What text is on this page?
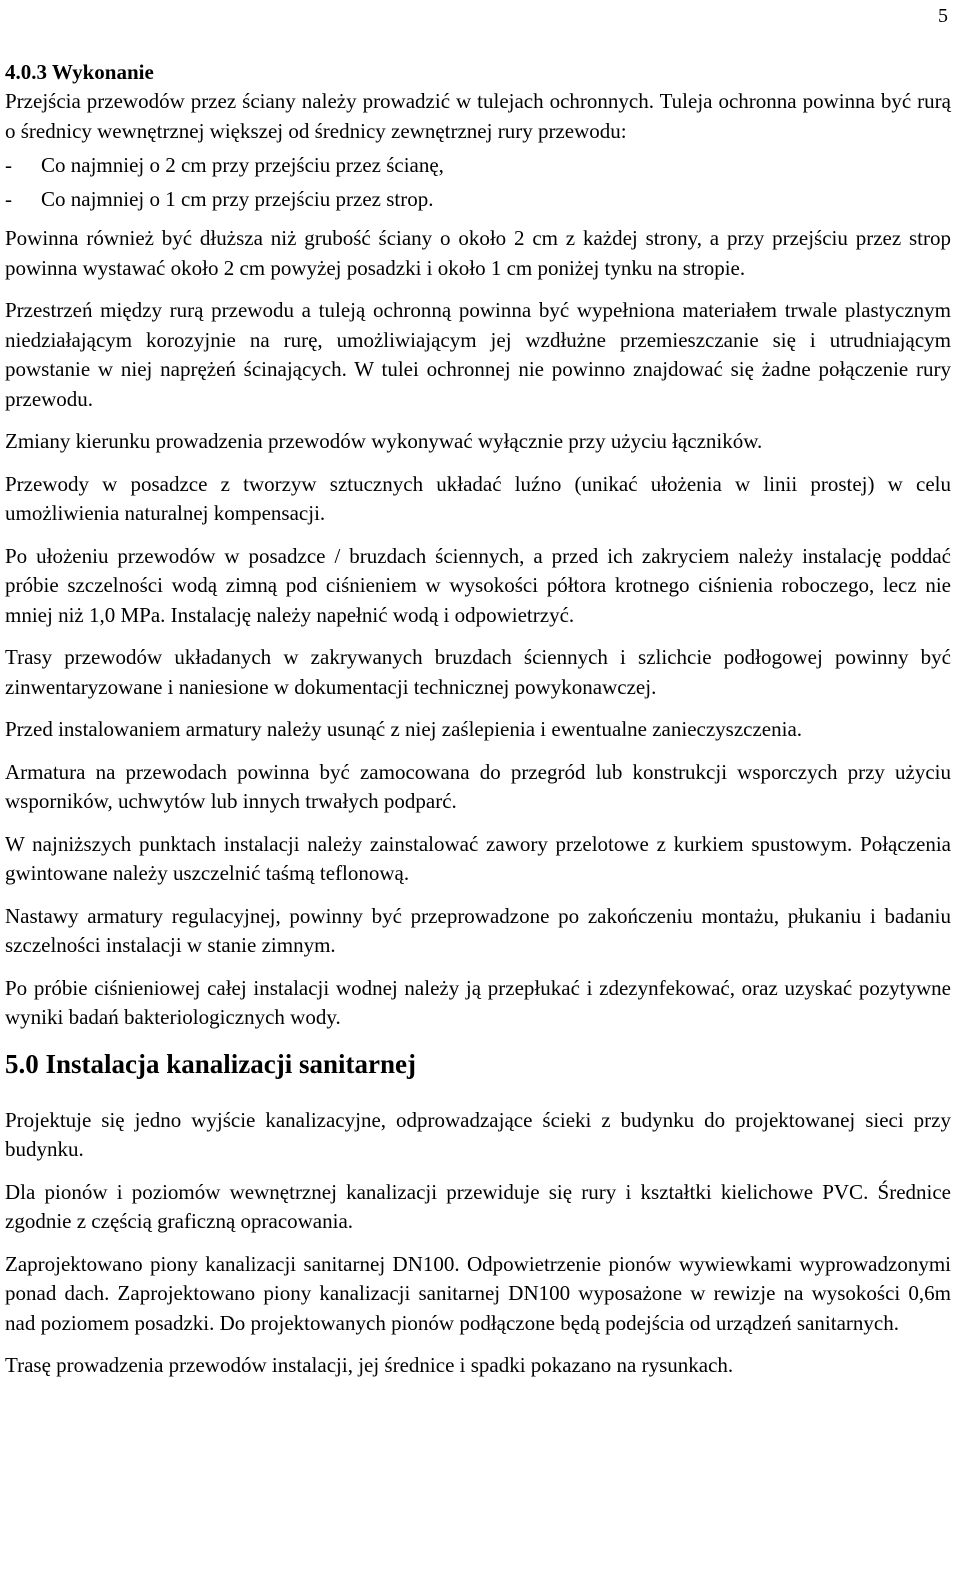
5
4.0.3 Wykonanie

Przejścia przewodów przez ściany należy prowadzić w tulejach ochronnych. Tuleja ochronna powinna być rurą o średnicy wewnętrznej większej od średnicy zewnętrznej rury przewodu:

- Co najmniej o 2 cm przy przejściu przez ścianę,
- Co najmniej o 1 cm przy przejściu przez strop.

Powinna również być dłuższa niż grubość ściany o około 2 cm z każdej strony, a przy przejściu przez strop powinna wystawać około 2 cm powyżej posadzki i około 1 cm poniżej tynku na stropie.

Przestrzeń między rurą przewodu a tuleją ochronną powinna być wypełniona materiałem trwale plastycznym niedziałającym korozyjnie na rurę, umożliwiającym jej wzdłużne przemieszczanie się i utrudniającym powstanie w niej naprężeń ścinających. W tulei ochronnej nie powinno znajdować się żadne połączenie rury przewodu.

Zmiany kierunku prowadzenia przewodów wykonywać wyłącznie przy użyciu łączników.

Przewody w posadzce z tworzyw sztucznych układać luźno (unikać ułożenia w linii prostej) w celu umożliwienia naturalnej kompensacji.

Po ułożeniu przewodów w posadzce / bruzdach ściennych, a przed ich zakryciem należy instalację poddać próbie szczelności wodą zimną pod ciśnieniem w wysokości półtora krotnego ciśnienia roboczego, lecz nie mniej niż 1,0 MPa. Instalację należy napełnić wodą i odpowietrzyć.

Trasy przewodów układanych w zakrywanych bruzdach ściennych i szlichcie podłogowej powinny być zinwentaryzowane i naniesione w dokumentacji technicznej powykonawczej.

Przed instalowaniem armatury należy usunąć z niej zaślepienia i ewentualne zanieczyszczenia.

Armatura na przewodach powinna być zamocowana do przegród lub konstrukcji wsporczych przy użyciu wsporników, uchwytów lub innych trwałych podparć.

W najniższych punktach instalacji należy zainstalować zawory przelotowe z kurkiem spustowym. Połączenia gwintowane należy uszczelnić taśmą teflonową.

Nastawy armatury regulacyjnej, powinny być przeprowadzone po zakończeniu montażu, płukaniu i badaniu szczelności instalacji w stanie zimnym.

Po próbie ciśnieniowej całej instalacji wodnej należy ją przepłukać i zdezynfekować, oraz uzyskać pozytywne wyniki badań bakteriologicznych wody.

5.0 Instalacja kanalizacji sanitarnej

Projektuje się jedno wyjście kanalizacyjne, odprowadzające ścieki z budynku do projektowanej sieci przy budynku.

Dla pionów i poziomów wewnętrznej kanalizacji przewiduje się rury i kształtki kielichowe PVC. Średnice zgodnie z częścią graficzną opracowania.

Zaprojektowano piony kanalizacji sanitarnej DN100. Odpowietrzenie pionów wywiewkami wyprowadzonymi ponad dach. Zaprojektowano piony kanalizacji sanitarnej DN100 wyposażone w rewizje na wysokości 0,6m nad poziomem posadzki. Do projektowanych pionów podłączone będą podejścia od urządzeń sanitarnych.

Trasę prowadzenia przewodów instalacji, jej średnice i spadki pokazano na rysunkach.
